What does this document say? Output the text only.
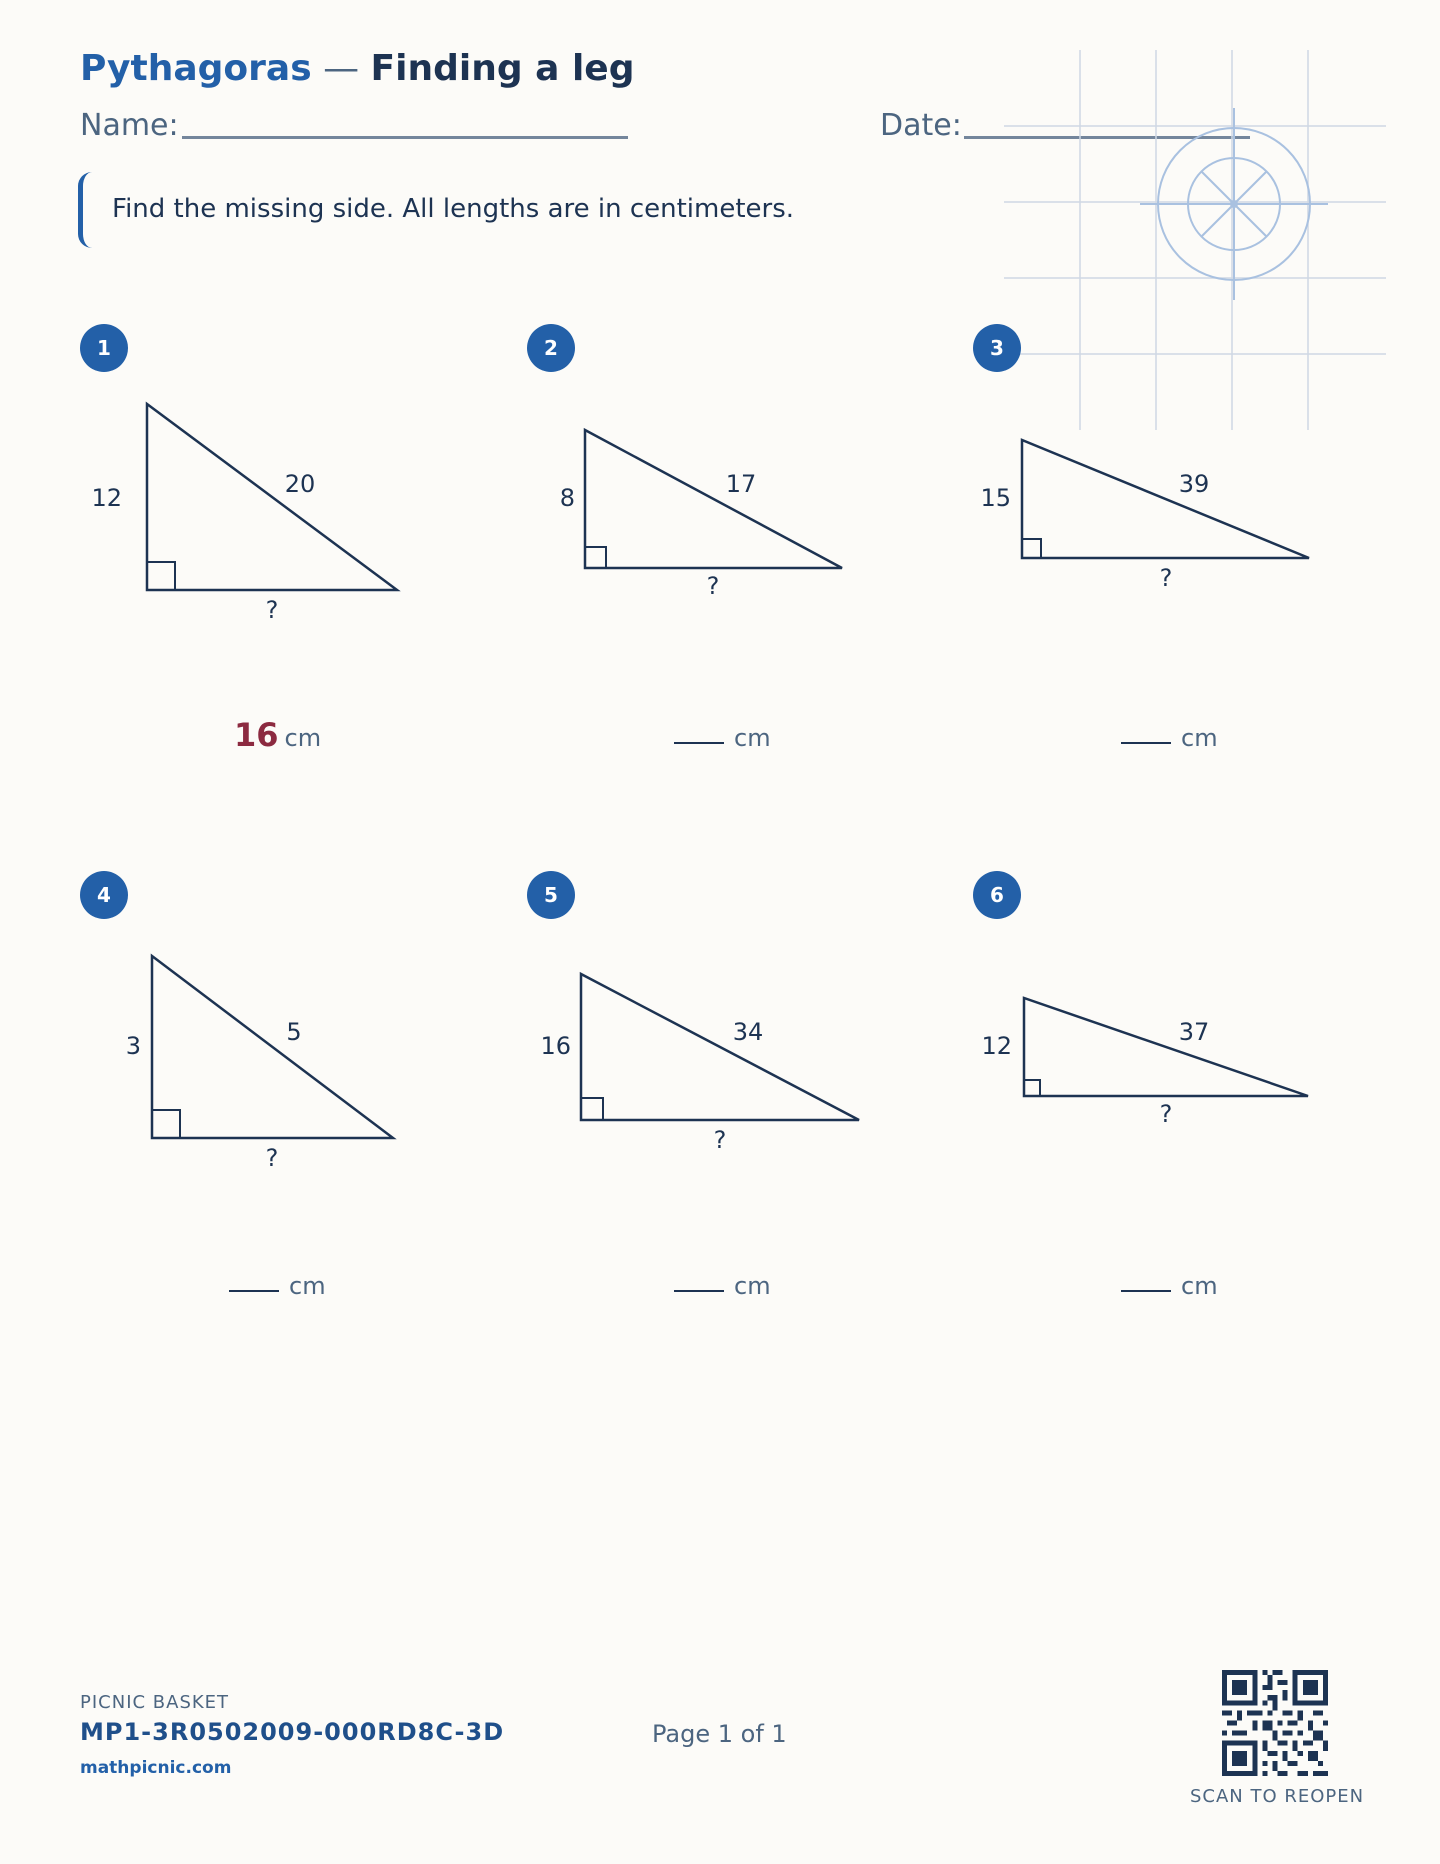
Pythagoras — Finding a leg
Name:	Date:
Find the missing side. All lengths are in centimeters.
1
12	20
?
16 cm
2
8	17
?
cm
3
15	39
?
cm
4
3	5
?
cm
5
16	34
?
cm
6
12	37
?
cm
PICNIC BASKET
MP1-3R0502009-000RD8C-3D
mathpicnic.com
Page 1 of 1
SCAN TO REOPEN
